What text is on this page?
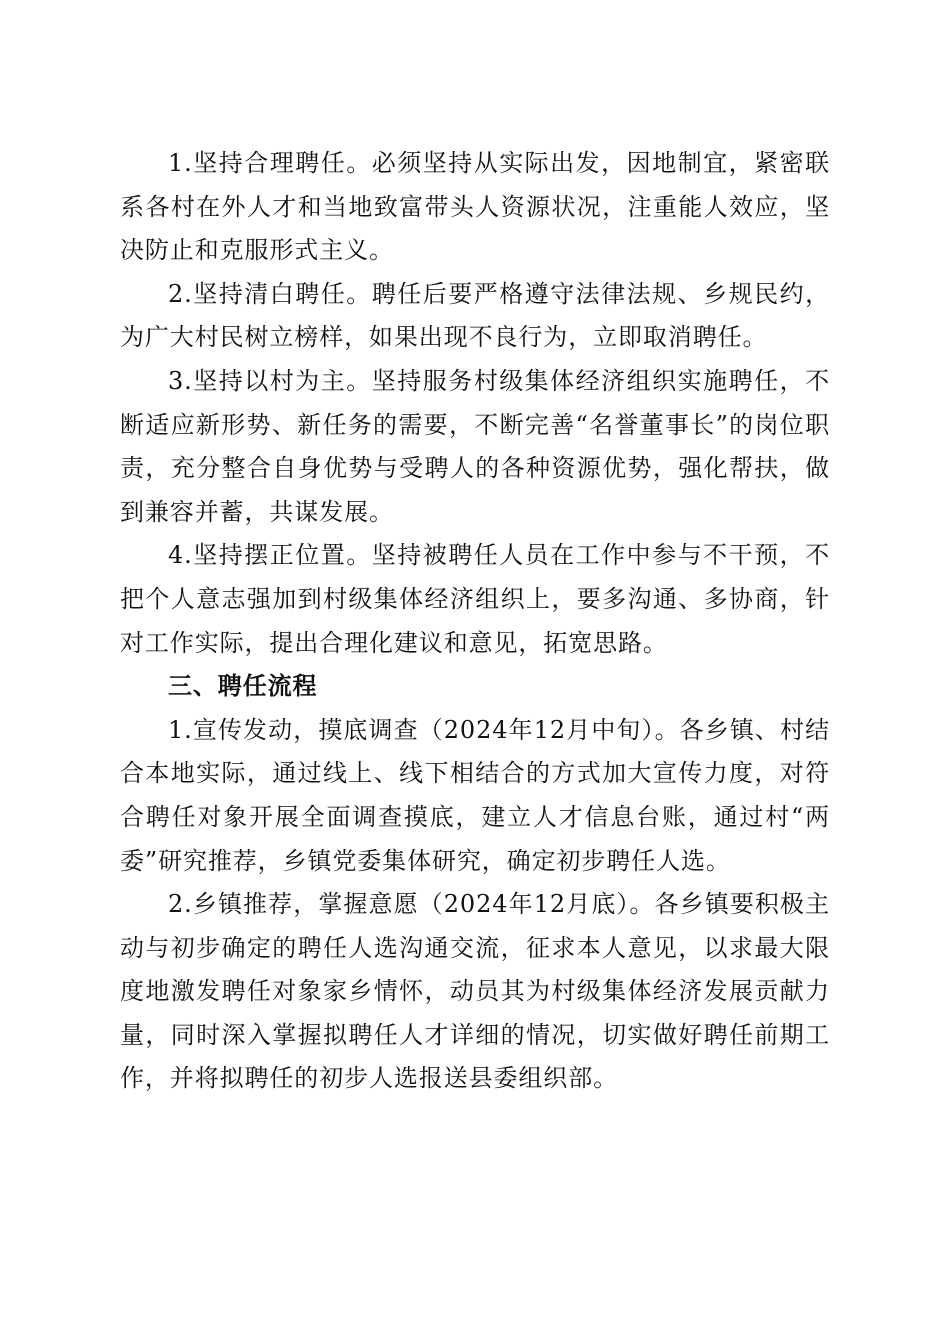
1.坚持合理聘任。必须坚持从实际出发，因地制宜，紧密联系各村在外人才和当地致富带头人资源状况，注重能人效应，坚决防止和克服形式主义。

2.坚持清白聘任。聘任后要严格遵守法律法规、乡规民约，为广大村民树立榜样，如果出现不良行为，立即取消聘任。

3.坚持以村为主。坚持服务村级集体经济组织实施聘任，不断适应新形势、新任务的需要，不断完善“名誉董事长”的岗位职责，充分整合自身优势与受聘人的各种资源优势，强化帮扶，做到兼容并蓄，共谋发展。

4.坚持摆正位置。坚持被聘任人员在工作中参与不干预，不把个人意志强加到村级集体经济组织上，要多沟通、多协商，针对工作实际，提出合理化建议和意见，拓宽思路。

三、聘任流程

1.宣传发动，摸底调查（2024年12月中旬）。各乡镇、村结合本地实际，通过线上、线下相结合的方式加大宣传力度，对符合聘任对象开展全面调查摸底，建立人才信息台账，通过村“两委”研究推荐，乡镇党委集体研究，确定初步聘任人选。

2.乡镇推荐，掌握意愿（2024年12月底）。各乡镇要积极主动与初步确定的聘任人选沟通交流，征求本人意见，以求最大限度地激发聘任对象家乡情怀，动员其为村级集体经济发展贡献力量，同时深入掌握拟聘任人才详细的情况，切实做好聘任前期工作，并将拟聘任的初步人选报送县委组织部。
